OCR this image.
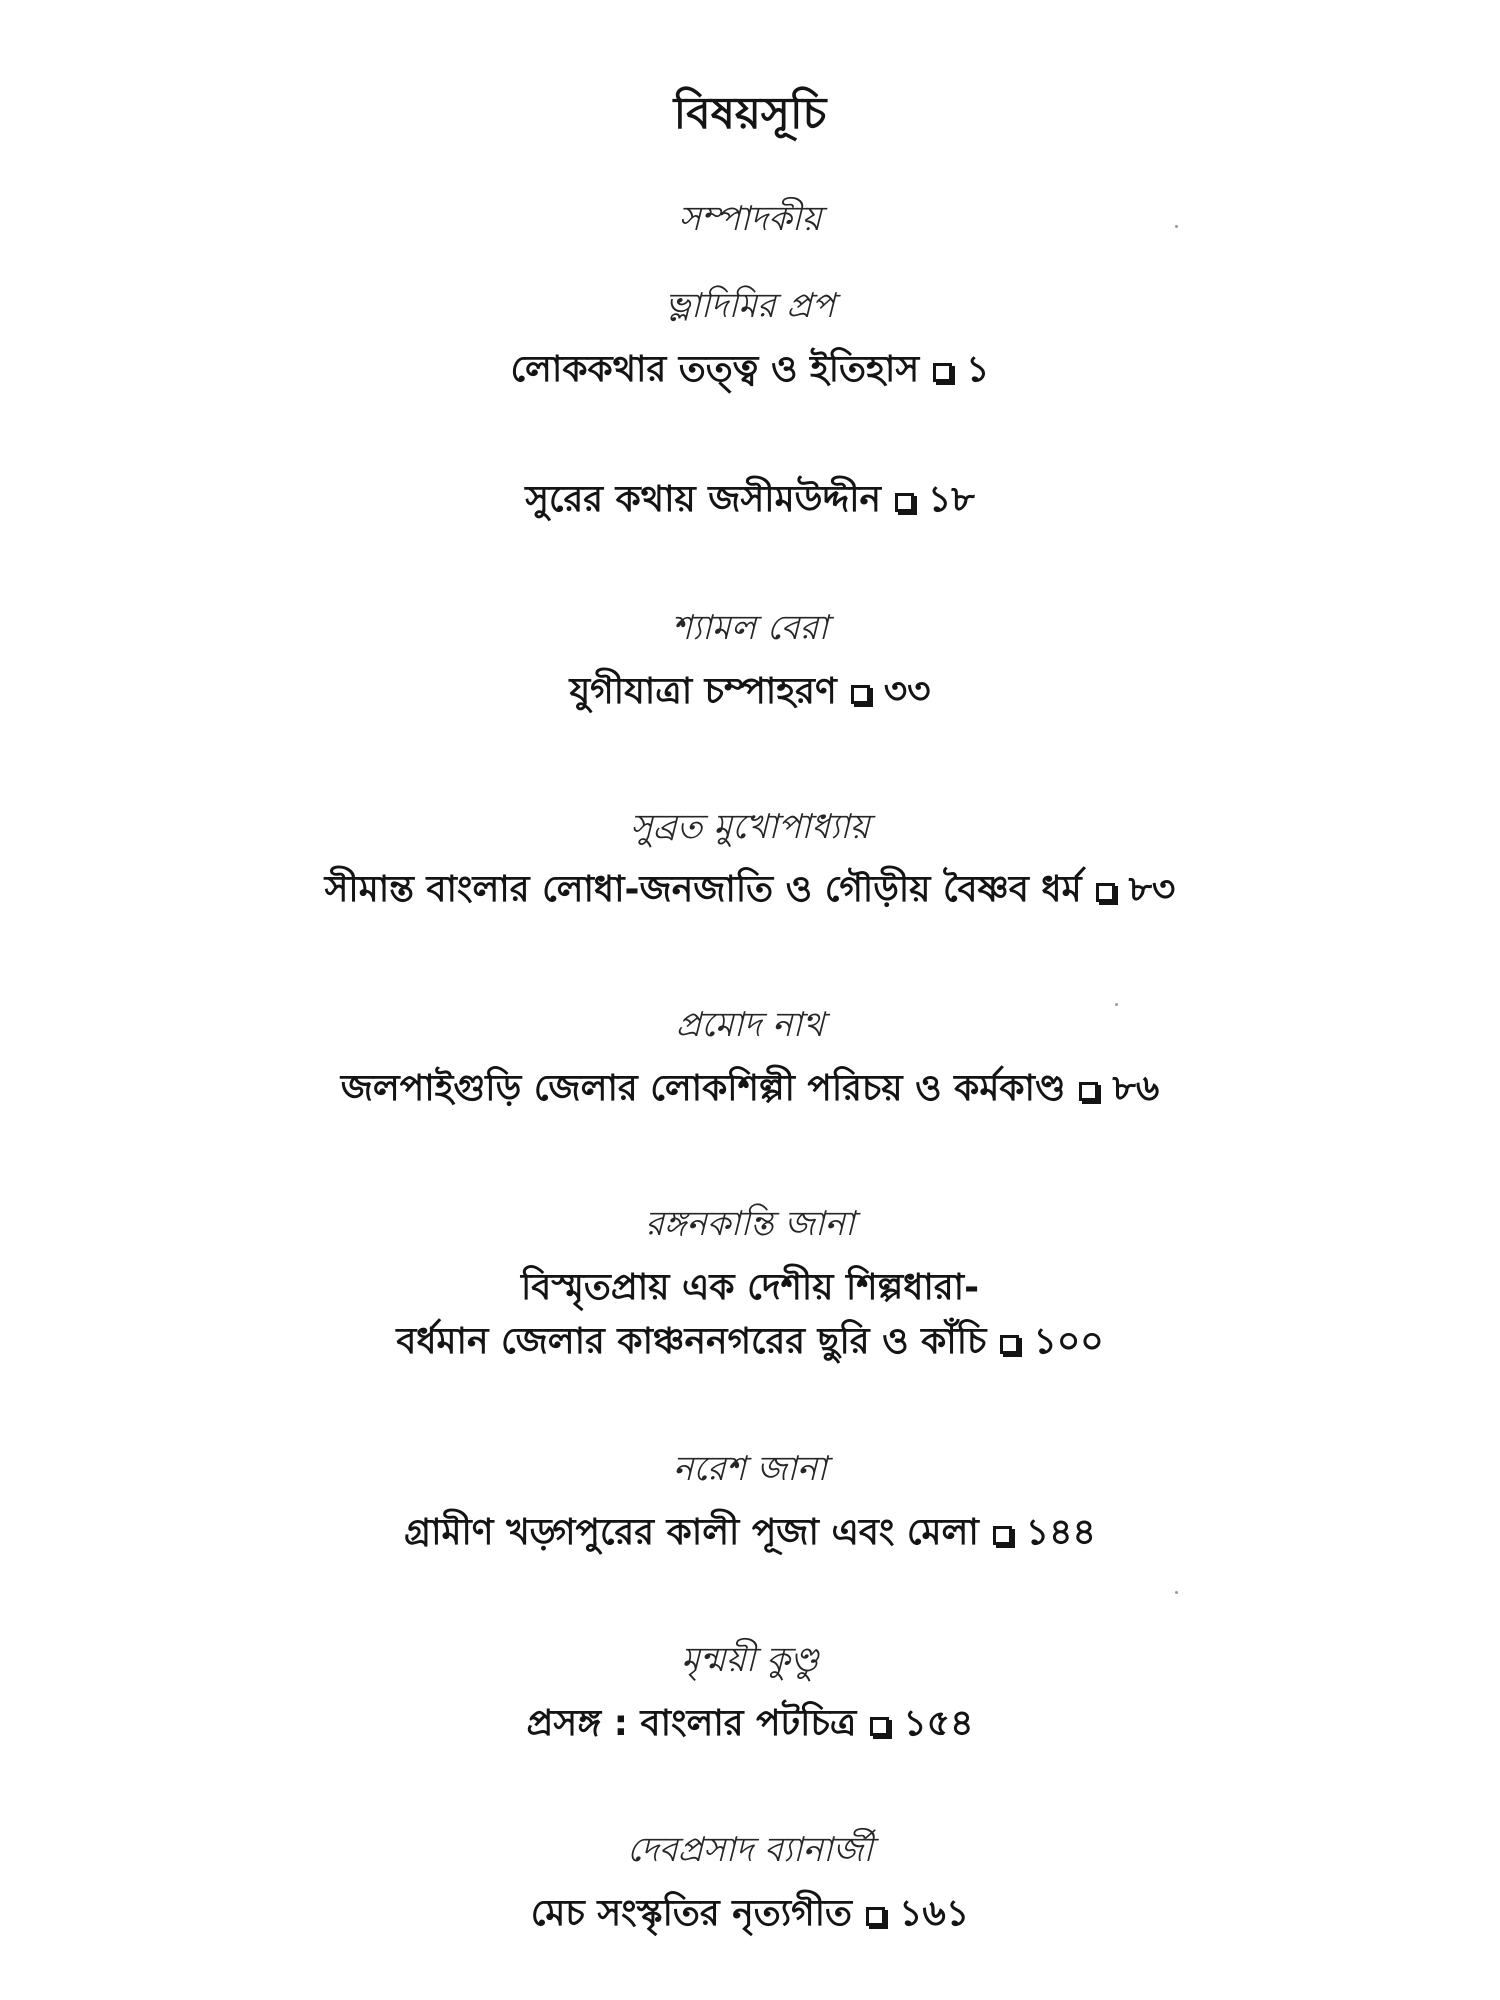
বিষয়সূচি
সম্পাদকীয়
ভ্লাদিমির প্রপ
লোককথার তত্ত্ব ও ইতিহাস ১
সুরের কথায় জসীমউদ্দীন ১৮
শ্যামল বেরা
যুগীযাত্রা চম্পাহরণ ৩৩
সুব্রত মুখোপাধ্যায়
সীমান্ত বাংলার লোধা-জনজাতি ও গৌড়ীয় বৈষ্ণব ধর্ম ৮৩
প্রমোদ নাথ
জলপাইগুড়ি জেলার লোকশিল্পী পরিচয় ও কর্মকাণ্ড ৮৬
রঙ্গনকান্তি জানা
বিস্মৃতপ্রায় এক দেশীয় শিল্পধারা-
বর্ধমান জেলার কাঞ্চননগরের ছুরি ও কাঁচি ১০০
নরেশ জানা
গ্রামীণ খড়্গপুরের কালী পূজা এবং মেলা ১৪৪
মৃন্ময়ী কুণ্ডু
প্রসঙ্গ : বাংলার পটচিত্র ১৫৪
দেবপ্রসাদ ব্যানার্জী
মেচ সংস্কৃতির নৃত্যগীত ১৬১
